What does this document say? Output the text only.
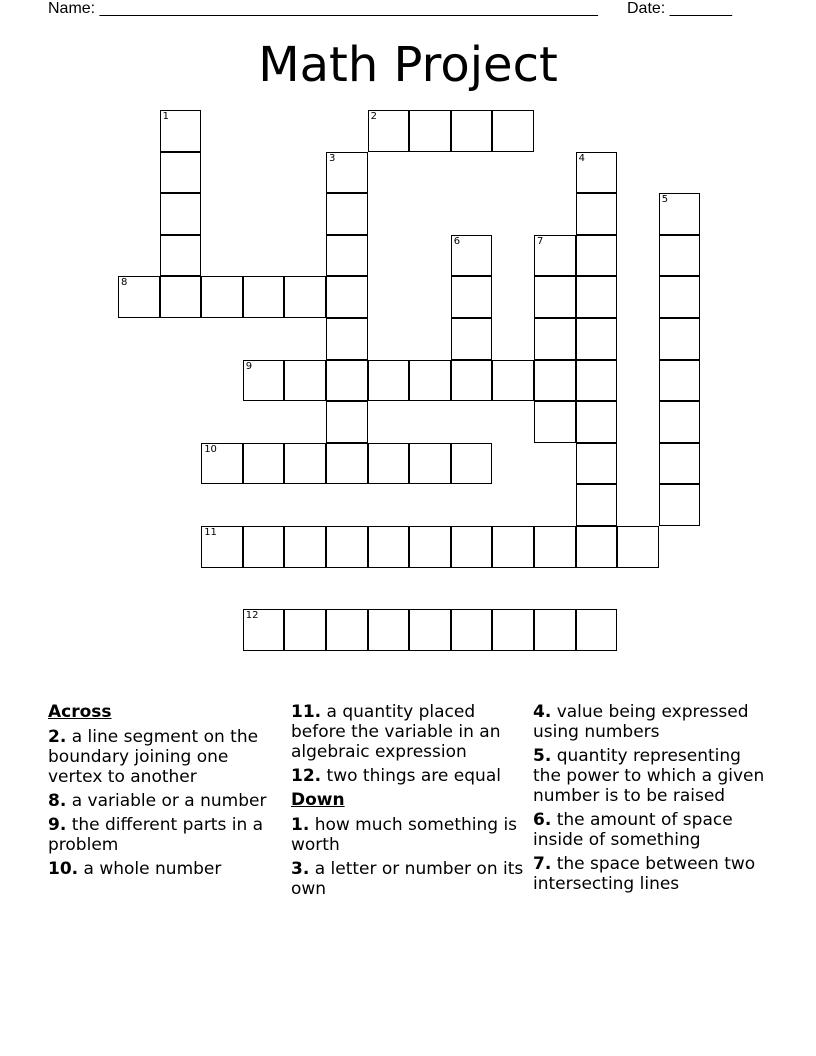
Name: ________________________________________________________ Date: _______
Math Project
1	2
3	4
5
6	7
8
9
10
11
12
Across
2. a line segment on the boundary joining one vertex to another
8. a variable or a number
9. the different parts in a problem
10. a whole number
11. a quantity placed before the variable in an algebraic expression
12. two things are equal
Down
1. how much something is worth
3. a letter or number on its own
4. value being expressed using numbers
5. quantity representing the power to which a given number is to be raised
6. the amount of space inside of something
7. the space between two intersecting lines
